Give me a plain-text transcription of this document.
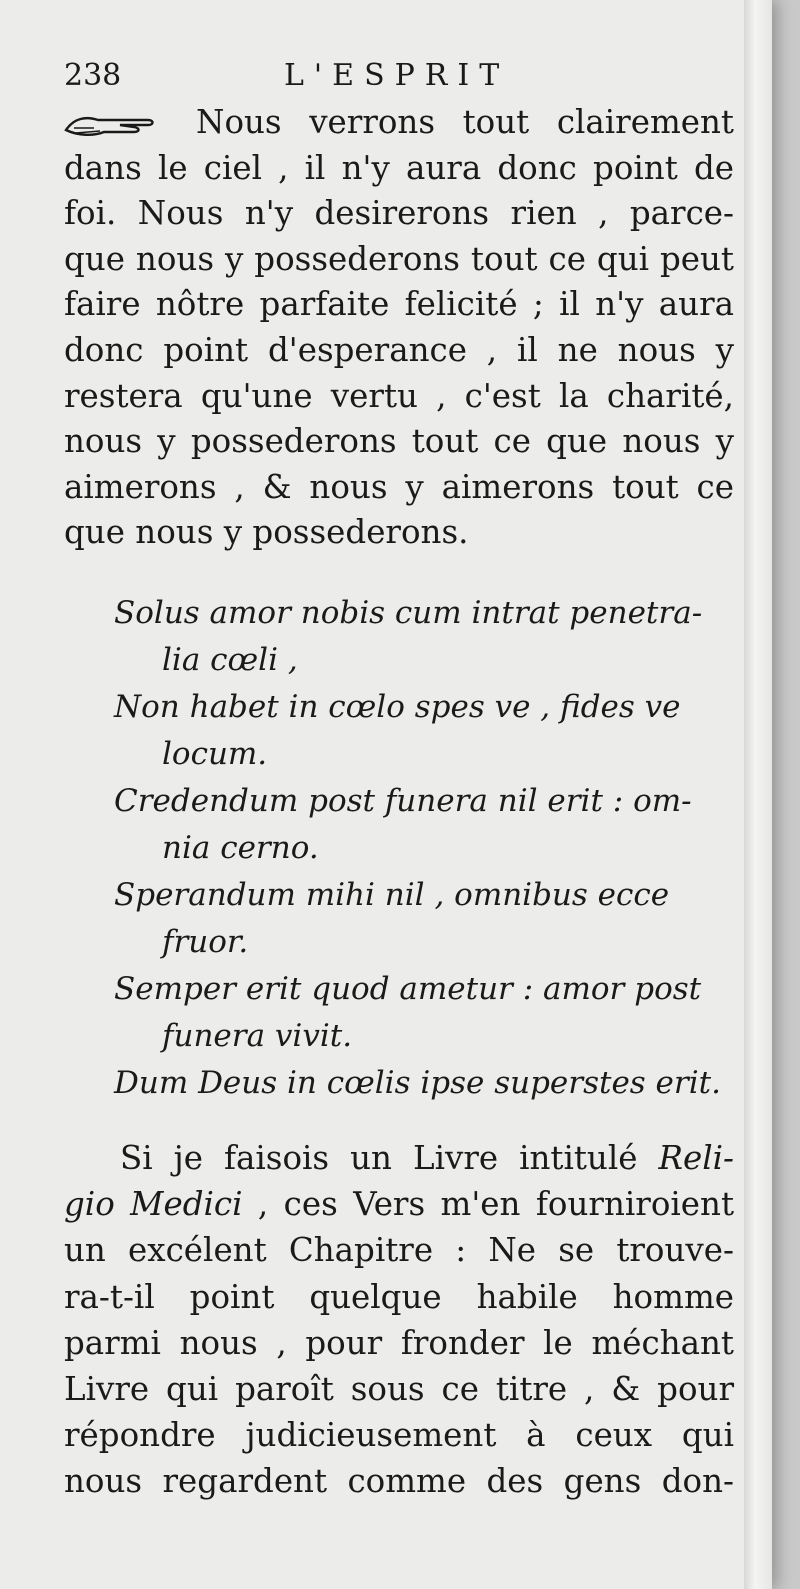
238	L'ESPRIT

Nous verrons tout clairement
dans le ciel , il n'y aura donc point de
foi. Nous n'y desirerons rien , parce-
que nous y possederons tout ce qui peut
faire nôtre parfaite felicité ; il n'y aura
donc point d'esperance , il ne nous y
restera qu'une vertu , c'est la charité,
nous y possederons tout ce que nous y
aimerons , & nous y aimerons tout ce
que nous y possederons.

Solus amor nobis cum intrat penetra-
lia cœli ,
Non habet in cœlo spes ve , fides ve
locum.
Credendum post funera nil erit : om-
nia cerno.
Sperandum mihi nil , omnibus ecce
fruor.
Semper erit quod ametur : amor post
funera vivit.
Dum Deus in cœlis ipse superstes erit.

Si je faisois un Livre intitulé Reli-
gio Medici , ces Vers m'en fourniroient
un excélent Chapitre : Ne se trouve-
ra-t-il point quelque habile homme
parmi nous , pour fronder le méchant
Livre qui paroît sous ce titre , & pour
répondre judicieusement à ceux qui
nous regardent comme des gens don-
